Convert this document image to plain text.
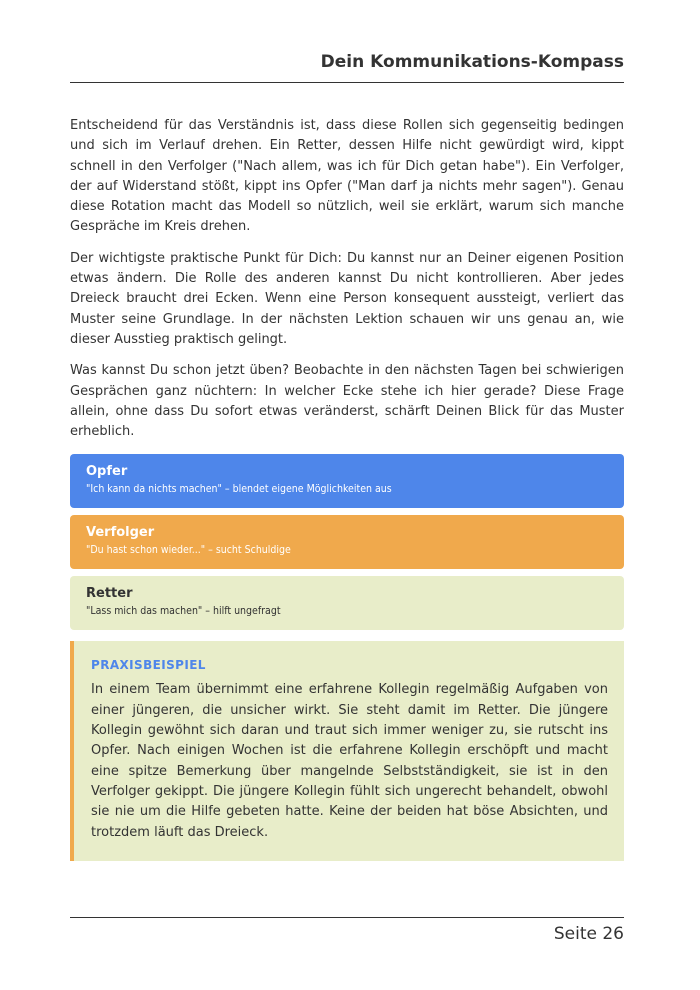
Dein Kommunikations-Kompass

Entscheidend für das Verständnis ist, dass diese Rollen sich gegenseitig bedingen und sich im Verlauf drehen. Ein Retter, dessen Hilfe nicht gewürdigt wird, kippt schnell in den Verfolger ("Nach allem, was ich für Dich getan habe"). Ein Verfolger, der auf Widerstand stößt, kippt ins Opfer ("Man darf ja nichts mehr sagen"). Genau diese Rotation macht das Modell so nützlich, weil sie erklärt, warum sich manche Gespräche im Kreis drehen.

Der wichtigste praktische Punkt für Dich: Du kannst nur an Deiner eigenen Position etwas ändern. Die Rolle des anderen kannst Du nicht kontrollieren. Aber jedes Dreieck braucht drei Ecken. Wenn eine Person konsequent aussteigt, verliert das Muster seine Grundlage. In der nächsten Lektion schauen wir uns genau an, wie dieser Ausstieg praktisch gelingt.

Was kannst Du schon jetzt üben? Beobachte in den nächsten Tagen bei schwierigen Gesprächen ganz nüchtern: In welcher Ecke stehe ich hier gerade? Diese Frage allein, ohne dass Du sofort etwas veränderst, schärft Deinen Blick für das Muster erheblich.

Opfer
"Ich kann da nichts machen" – blendet eigene Möglichkeiten aus
Verfolger
"Du hast schon wieder..." – sucht Schuldige
Retter
"Lass mich das machen" – hilft ungefragt
PRAXISBEISPIEL

In einem Team übernimmt eine erfahrene Kollegin regelmäßig Aufgaben von einer jüngeren, die unsicher wirkt. Sie steht damit im Retter. Die jüngere Kollegin gewöhnt sich daran und traut sich immer weniger zu, sie rutscht ins Opfer. Nach einigen Wochen ist die erfahrene Kollegin erschöpft und macht eine spitze Bemerkung über mangelnde Selbstständigkeit, sie ist in den Verfolger gekippt. Die jüngere Kollegin fühlt sich ungerecht behandelt, obwohl sie nie um die Hilfe gebeten hatte. Keine der beiden hat böse Absichten, und trotzdem läuft das Dreieck.

Seite 26
